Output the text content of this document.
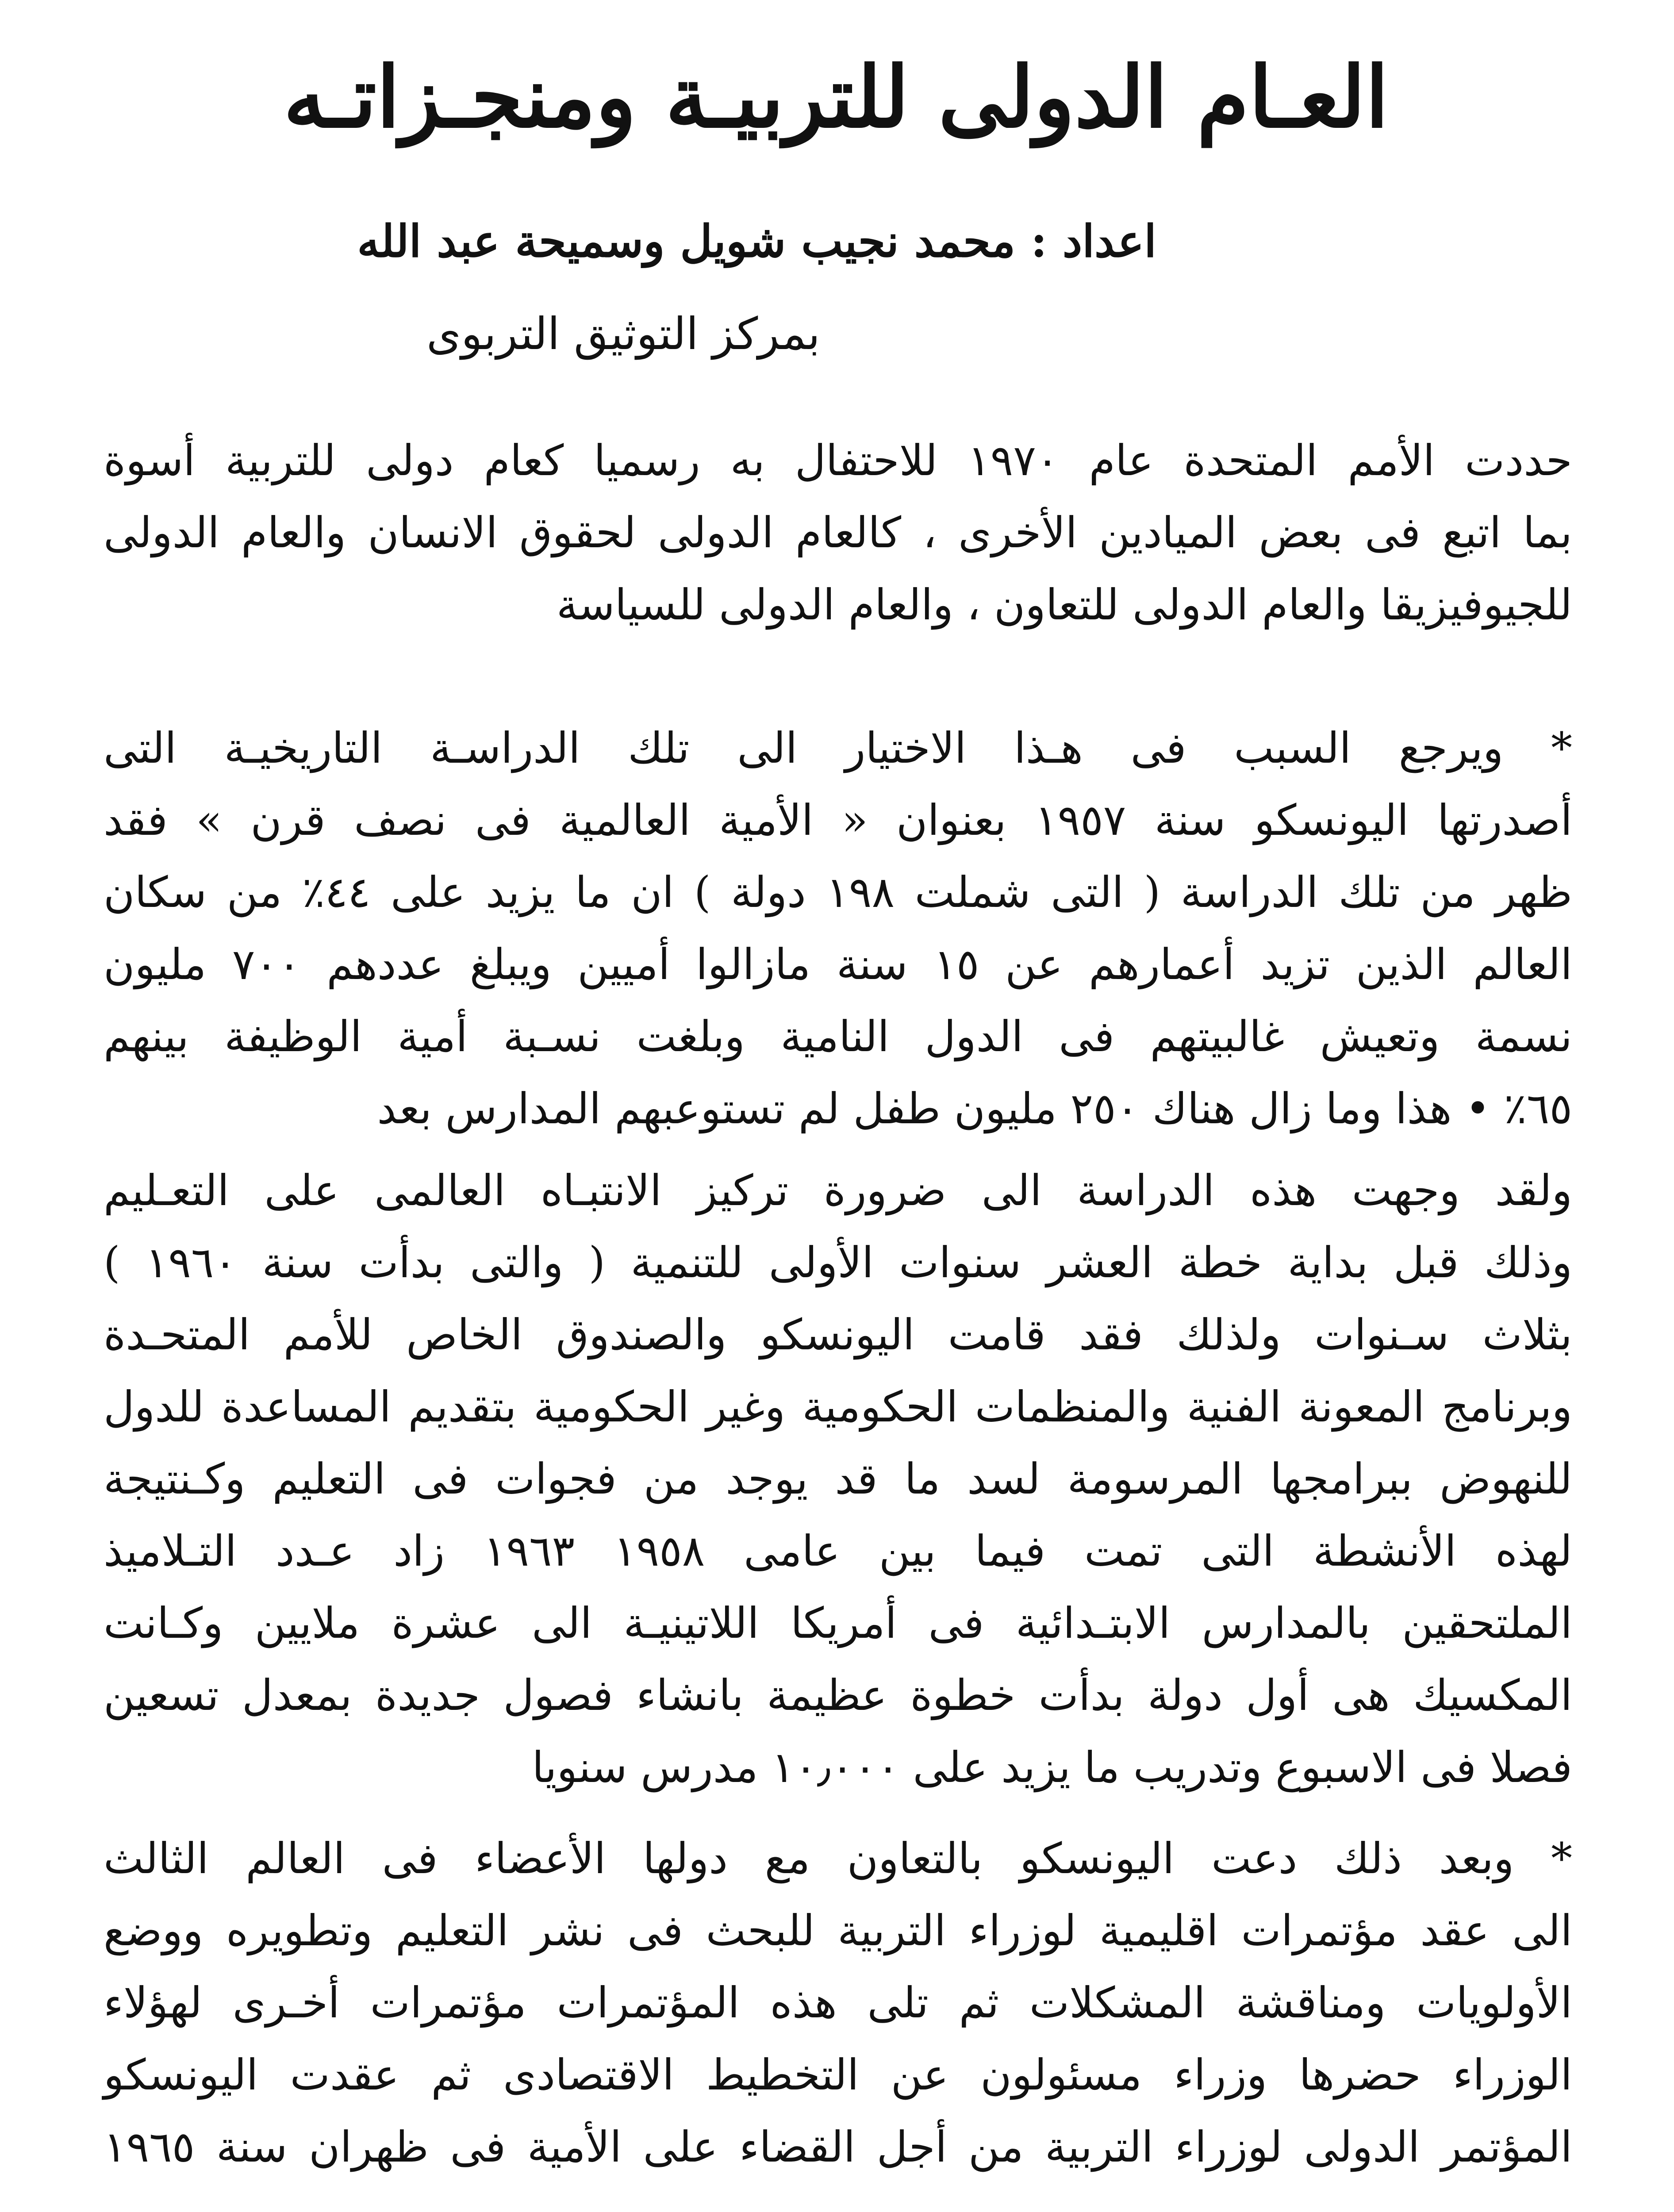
العـام الدولى للتربيـة ومنجـزاتـه
اعداد : محمد نجيب شويل وسميحة عبد الله
بمركز التوثيق التربوى
حددت الأمم المتحدة عام ١٩٧٠ للاحتفال به رسميا كعام دولى للتربية أسوة
بما اتبع فى بعض الميادين الأخرى ، كالعام الدولى لحقوق الانسان والعام الدولى
للجيوفيزيقا والعام الدولى للتعاون ، والعام الدولى للسياسة
* ويرجع السبب فى هـذا الاختيار الى تلك الدراسـة التاريخيـة التى
أصدرتها اليونسكو سنة ١٩٥٧ بعنوان « الأمية العالمية فى نصف قرن » فقد
ظهر من تلك الدراسة ( التى شملت ١٩٨ دولة ) ان ما يزيد على ٤٤٪ من سكان
العالم الذين تزيد أعمارهم عن ١٥ سنة مازالوا أميين ويبلغ عددهم ٧٠٠ مليون
نسمة وتعيش غالبيتهم فى الدول النامية وبلغت نسـبة أمية الوظيفة بينهم
٦٥٪ • هذا وما زال هناك ٢٥٠ مليون طفل لم تستوعبهم المدارس بعد
ولقد وجهت هذه الدراسة الى ضرورة تركيز الانتبـاه العالمى على التعـليم
وذلك قبل بداية خطة العشر سنوات الأولى للتنمية ( والتى بدأت سنة ١٩٦٠ )
بثلاث سـنوات ولذلك فقد قامت اليونسكو والصندوق الخاص للأمم المتحـدة
وبرنامج المعونة الفنية والمنظمات الحكومية وغير الحكومية بتقديم المساعدة للدول
للنهوض ببرامجها المرسومة لسد ما قد يوجد من فجوات فى التعليم وكـنتيجة
لهذه الأنشطة التى تمت فيما بين عامى ١٩٥٨ ١٩٦٣ زاد عـدد التـلاميذ
الملتحقين بالمدارس الابتـدائية فى أمريكا اللاتينيـة الى عشرة ملايين وكـانت
المكسيك هى أول دولة بدأت خطوة عظيمة بانشاء فصول جديدة بمعدل تسعين
فصلا فى الاسبوع وتدريب ما يزيد على ١٠٫٠٠٠ مدرس سنويا
* وبعد ذلك دعت اليونسكو بالتعاون مع دولها الأعضاء فى العالم الثالث
الى عقد مؤتمرات اقليمية لوزراء التربية للبحث فى نشر التعليم وتطويره ووضع
الأولويات ومناقشة المشكلات ثم تلى هذه المؤتمرات مؤتمرات أخـرى لهؤلاء
الوزراء حضرها وزراء مسئولون عن التخطيط الاقتصادى ثم عقدت اليونسكو
المؤتمر الدولى لوزراء التربية من أجل القضاء على الأمية فى ظهران سنة ١٩٦٥
